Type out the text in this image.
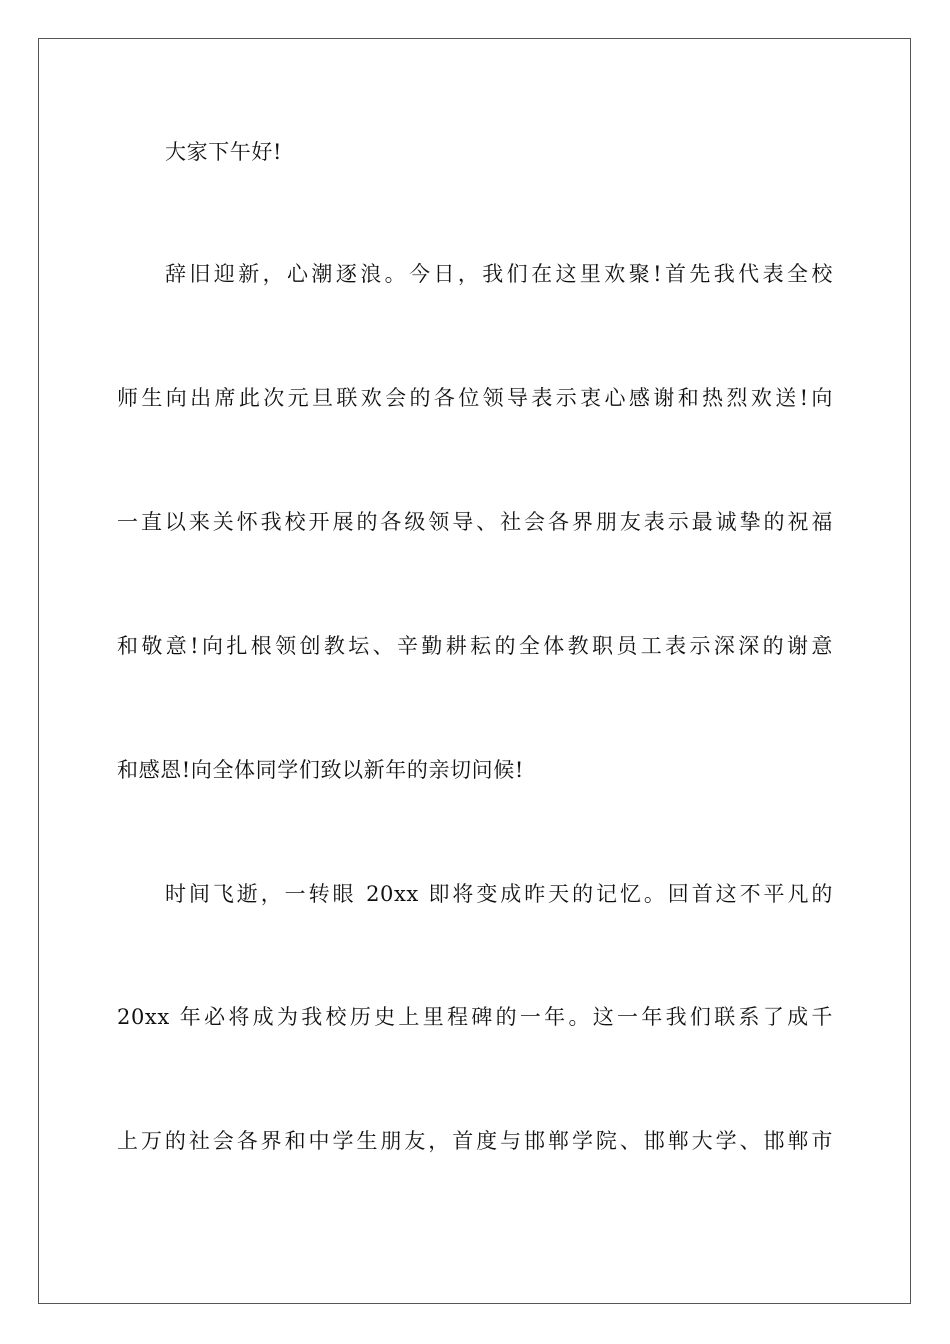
大家下午好!
辞旧迎新，心潮逐浪。今日，我们在这里欢聚!首先我代表全校
师生向出席此次元旦联欢会的各位领导表示衷心感谢和热烈欢送!向
一直以来关怀我校开展的各级领导、社会各界朋友表示最诚挚的祝福
和敬意!向扎根领创教坛、辛勤耕耘的全体教职员工表示深深的谢意
和感恩!向全体同学们致以新年的亲切问候!
时间飞逝，一转眼 20xx 即将变成昨天的记忆。回首这不平凡的
20xx 年必将成为我校历史上里程碑的一年。这一年我们联系了成千
上万的社会各界和中学生朋友，首度与邯郸学院、邯郸大学、邯郸市
